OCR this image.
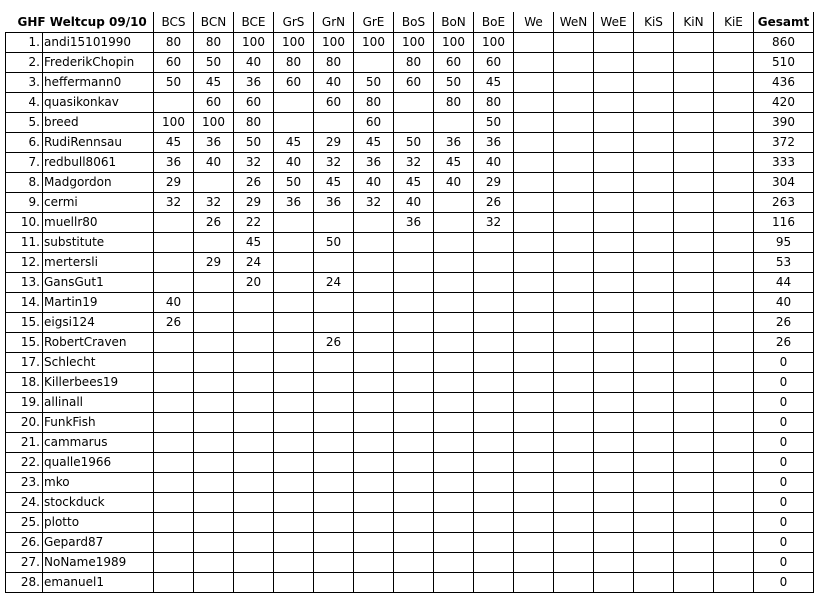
GHF Weltcup 09/10		BCS	BCN	BCE	GrS	GrN	GrE	BoS	BoN	BoE	We	WeN	WeE	KiS	KiN	KiE	Gesamt
1.	andi15101990	80	80	100	100	100	100	100	100	100							860
2.	FrederikChopin	60	50	40	80	80		80	60	60							510
3.	heffermann0	50	45	36	60	40	50	60	50	45							436
4.	quasikonkav		60	60		60	80		80	80							420
5.	breed	100	100	80			60			50							390
6.	RudiRennsau	45	36	50	45	29	45	50	36	36							372
7.	redbull8061	36	40	32	40	32	36	32	45	40							333
8.	Madgordon	29		26	50	45	40	45	40	29							304
9.	cermi	32	32	29	36	36	32	40		26							263
10.	muellr80		26	22				36		32							116
11.	substitute			45		50											95
12.	mertersli		29	24													53
13.	GansGut1			20		24											44
14.	Martin19	40															40
15.	eigsi124	26															26
15.	RobertCraven					26											26
17.	Schlecht																0
18.	Killerbees19																0
19.	allinall																0
20.	FunkFish																0
21.	cammarus																0
22.	qualle1966																0
23.	mko																0
24.	stockduck																0
25.	plotto																0
26.	Gepard87																0
27.	NoName1989																0
28.	emanuel1																0
